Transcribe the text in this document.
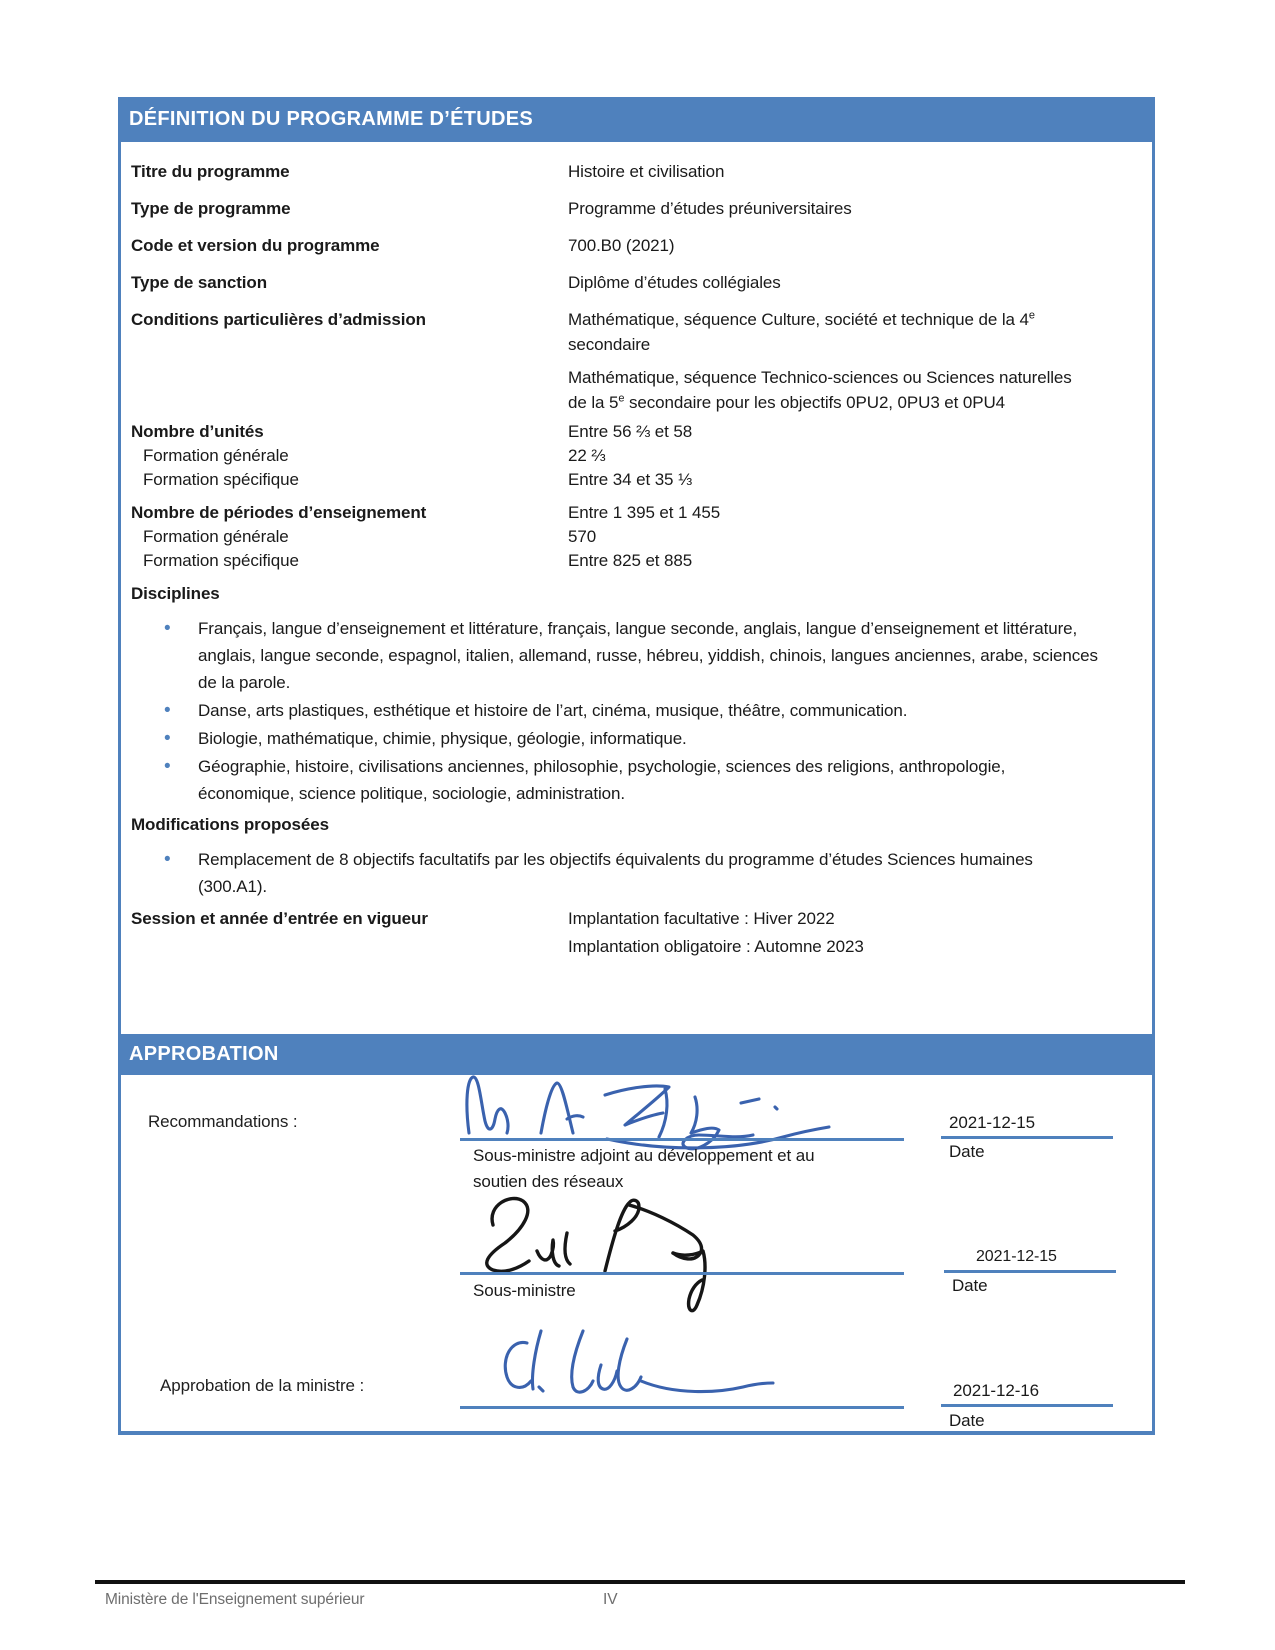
DÉFINITION DU PROGRAMME D’ÉTUDES
Titre du programme	Histoire et civilisation
Type de programme	Programme d’études préuniversitaires
Code et version du programme	700.B0 (2021)
Type de sanction	Diplôme d’études collégiales
Conditions particulières d’admission	Mathématique, séquence Culture, société et technique de la 4e secondaire

Mathématique, séquence Technico-sciences ou Sciences naturelles de la 5e secondaire pour les objectifs 0PU2, 0PU3 et 0PU4

Nombre d’unités	Entre 56 ⅔ et 58
Formation générale	22 ⅔
Formation spécifique	Entre 34 et 35 ⅓
Nombre de périodes d’enseignement	Entre 1 395 et 1 455
Formation générale	570
Formation spécifique	Entre 825 et 885
Disciplines
• Français, langue d’enseignement et littérature, français, langue seconde, anglais, langue d’enseignement et littérature, anglais, langue seconde, espagnol, italien, allemand, russe, hébreu, yiddish, chinois, langues anciennes, arabe, sciences de la parole.
• Danse, arts plastiques, esthétique et histoire de l’art, cinéma, musique, théâtre, communication.
• Biologie, mathématique, chimie, physique, géologie, informatique.
• Géographie, histoire, civilisations anciennes, philosophie, psychologie, sciences des religions, anthropologie, économique, science politique, sociologie, administration.
Modifications proposées
• Remplacement de 8 objectifs facultatifs par les objectifs équivalents du programme d’études Sciences humaines (300.A1).
Session et année d’entrée en vigueur	Implantation facultative : Hiver 2022

Implantation obligatoire : Automne 2023

APPROBATION
Recommandations :
Sous-ministre adjoint au développement et au soutien des réseaux
2021-12-15
Date
Sous-ministre
2021-12-15
Date
Approbation de la ministre :	2021-12-16
Date
Ministère de l'Enseignement supérieur	IV
